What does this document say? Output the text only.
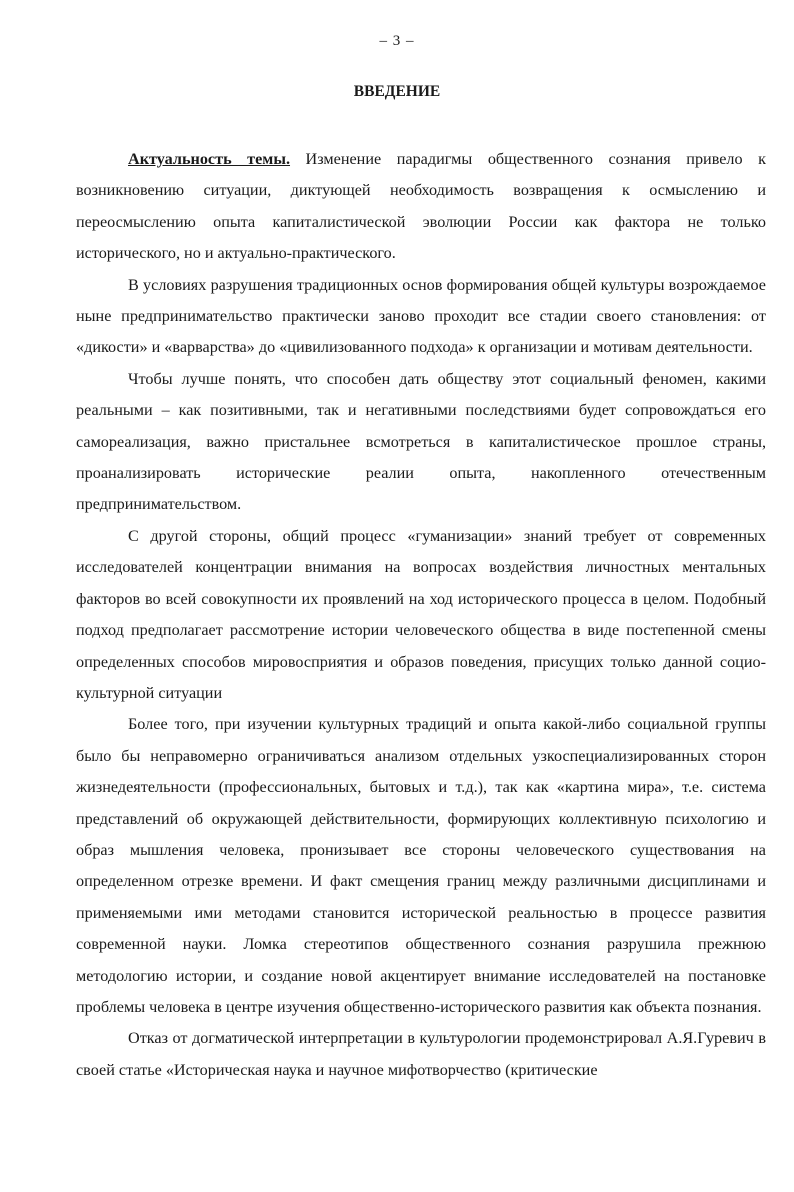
– 3 –
ВВЕДЕНИЕ

Актуальность темы. Изменение парадигмы общественного сознания привело к возникновению ситуации, диктующей необходимость возвращения к осмыслению и переосмыслению опыта капиталистической эволюции России как фактора не только исторического, но и актуально-практического.

В условиях разрушения традиционных основ формирования общей культуры возрождаемое ныне предпринимательство практически заново проходит все стадии своего становления: от «дикости» и «варварства» до «цивилизованного подхода» к организации и мотивам деятельности.

Чтобы лучше понять, что способен дать обществу этот социальный феномен, какими реальными – как позитивными, так и негативными последствиями будет сопровождаться его самореализация, важно пристальнее всмотреться в капиталистическое прошлое страны, проанализировать исторические реалии опыта, накопленного отечественным предпринимательством.

С другой стороны, общий процесс «гуманизации» знаний требует от современных исследователей концентрации внимания на вопросах воздействия личностных ментальных факторов во всей совокупности их проявлений на ход исторического процесса в целом. Подобный подход предполагает рассмотрение истории человеческого общества в виде постепенной смены определенных способов мировосприятия и образов поведения, присущих только данной социо-культурной ситуации

Более того, при изучении культурных традиций и опыта какой-либо социальной группы было бы неправомерно ограничиваться анализом отдельных узкоспециализированных сторон жизнедеятельности (профессиональных, бытовых и т.д.), так как «картина мира», т.е. система представлений об окружающей действительности, формирующих коллективную психологию и образ мышления человека, пронизывает все стороны человеческого существования на определенном отрезке времени. И факт смещения границ между различными дисциплинами и применяемыми ими методами становится исторической реальностью в процессе развития современной науки. Ломка стереотипов общественного сознания разрушила прежнюю методологию истории, и создание новой акцентирует внимание исследователей на постановке проблемы человека в центре изучения общественно-исторического развития как объекта познания.

Отказ от догматической интерпретации в культурологии продемонстрировал А.Я.Гуревич в своей статье «Историческая наука и научное мифотворчество (критические
